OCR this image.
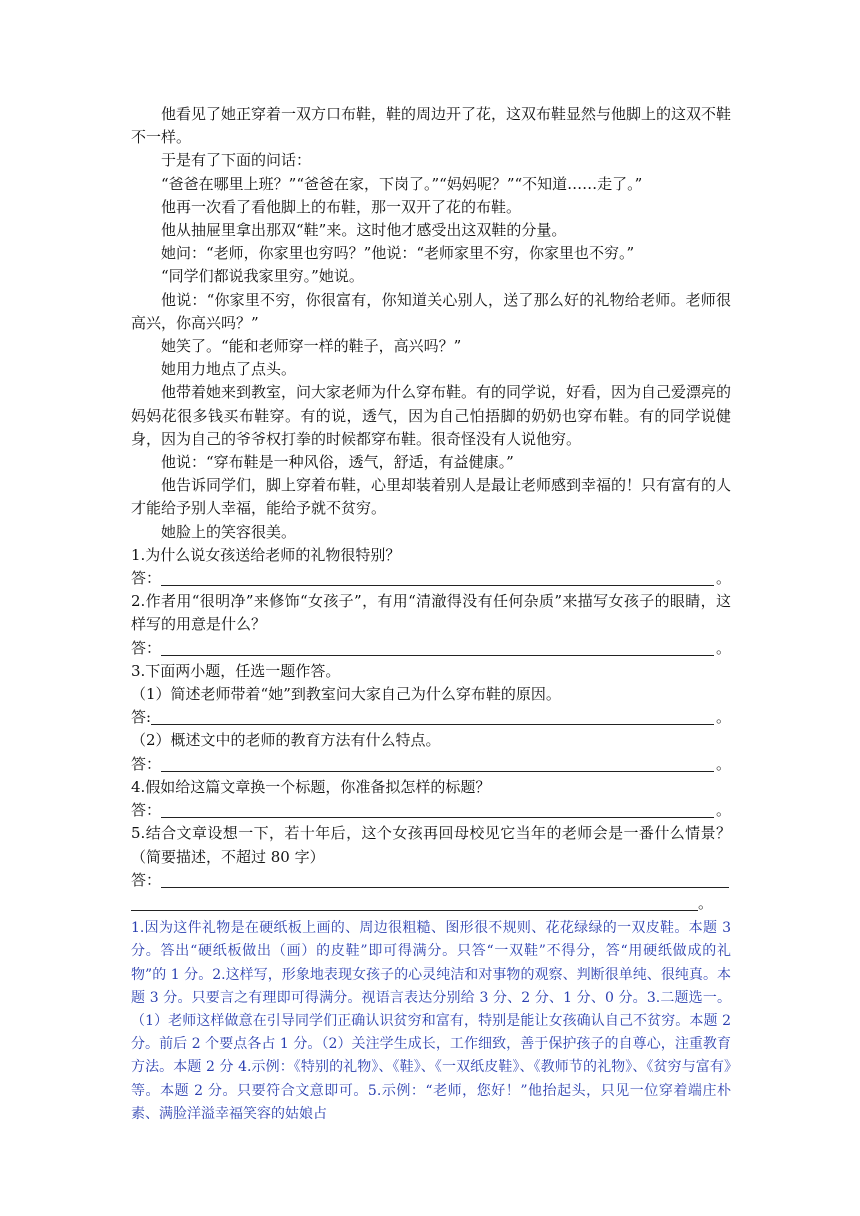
他看见了她正穿着一双方口布鞋，鞋的周边开了花，这双布鞋显然与他脚上的这双不鞋不一样。

于是有了下面的问话：

“爸爸在哪里上班？”“爸爸在家，下岗了。”“妈妈呢？”“不知道……走了。”

他再一次看了看他脚上的布鞋，那一双开了花的布鞋。

他从抽屉里拿出那双“鞋”来。这时他才感受出这双鞋的分量。

她问：“老师，你家里也穷吗？”他说：“老师家里不穷，你家里也不穷。”

“同学们都说我家里穷。”她说。

他说：“你家里不穷，你很富有，你知道关心别人，送了那么好的礼物给老师。老师很高兴，你高兴吗？”

她笑了。“能和老师穿一样的鞋子，高兴吗？”

她用力地点了点头。

他带着她来到教室，问大家老师为什么穿布鞋。有的同学说，好看，因为自己爱漂亮的妈妈花很多钱买布鞋穿。有的说，透气，因为自己怕捂脚的奶奶也穿布鞋。有的同学说健身，因为自己的爷爷权打拳的时候都穿布鞋。很奇怪没有人说他穷。

他说：“穿布鞋是一种风俗，透气，舒适，有益健康。”

他告诉同学们，脚上穿着布鞋，心里却装着别人是最让老师感到幸福的！只有富有的人才能给予别人幸福，能给予就不贫穷。

她脸上的笑容很美。

1.为什么说女孩送给老师的礼物很特别？

答：	。

2.作者用“很明净”来修饰“女孩子”，有用“清澈得没有任何杂质”来描写女孩子的眼睛，这样写的用意是什么？

答：	。

3.下面两小题，任选一题作答。

（1）简述老师带着“她”到教室问大家自己为什么穿布鞋的原因。

答:	。

（2）概述文中的老师的教育方法有什么特点。

答：	。

4.假如给这篇文章换一个标题，你准备拟怎样的标题？

答：	。

5.结合文章设想一下，若十年后，这个女孩再回母校见它当年的老师会是一番什么情景？（简要描述，不超过 80 字）

答：
。
1.因为这件礼物是在硬纸板上画的、周边很粗糙、图形很不规则、花花绿绿的一双皮鞋。本题 3 分。答出“硬纸板做出（画）的皮鞋”即可得满分。只答“一双鞋”不得分，答“用硬纸做成的礼物”的 1 分。2.这样写，形象地表现女孩子的心灵纯洁和对事物的观察、判断很单纯、很纯真。本题 3 分。只要言之有理即可得满分。视语言表达分别给 3 分、2 分、1 分、0 分。3.二题选一。（1）老师这样做意在引导同学们正确认识贫穷和富有，特别是能让女孩确认自己不贫穷。本题 2 分。前后 2 个要点各占 1 分。（2）关注学生成长，工作细致，善于保护孩子的自尊心，注重教育方法。本题 2 分 4.示例：《特别的礼物》、《鞋》、《一双纸皮鞋》、《教师节的礼物》、《贫穷与富有》等。本题 2 分。只要符合文意即可。5.示例：“老师，您好！”他抬起头，只见一位穿着端庄朴素、满脸洋溢幸福笑容的姑娘占
